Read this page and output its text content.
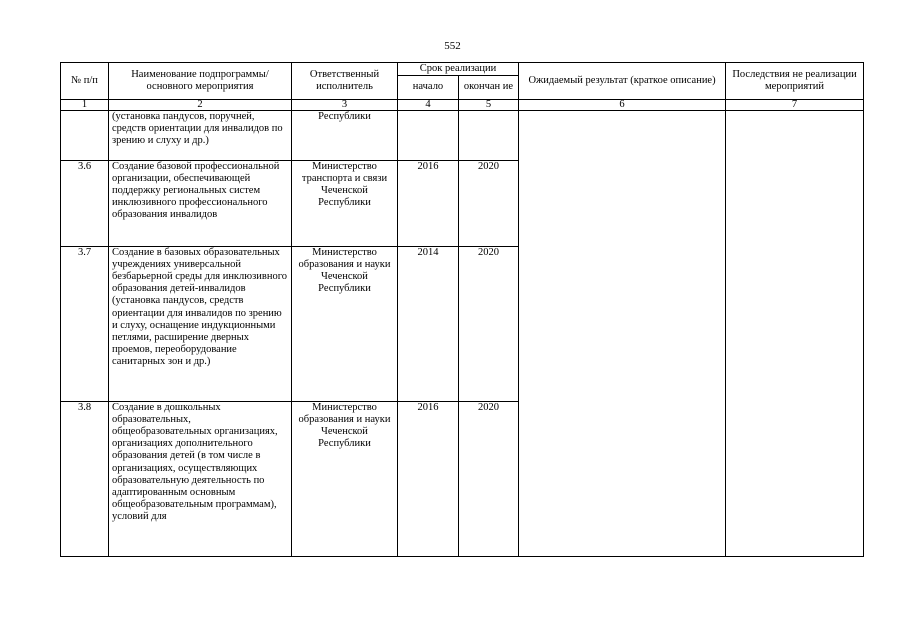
552
№ п/п	Наименование подпрограммы/ основного мероприятия	Ответственный исполнитель	Срок реализации		Ожидаемый результат (краткое описание)	Последствия не реализации мероприятий
			начало	окончан ие		
1	2	3	4	5	6	7
	(установка пандусов, поручней, средств ориентации для инвалидов по зрению и слуху и др.)	Республики				
3.6	Создание базовой профессиональной организации, обеспечивающей поддержку региональных систем инклюзивного профессионального образования инвалидов	Министерство транспорта и связи Чеченской Республики	2016	2020		
3.7	Создание в базовых образовательных учреждениях универсальной безбарьерной среды для инклюзивного образования детей-инвалидов (установка пандусов, средств ориентации для инвалидов по зрению и слуху, оснащение индукционными петлями, расширение дверных проемов, переоборудование санитарных зон и др.)	Министерство образования и науки Чеченской Республики	2014	2020		
3.8	Создание в дошкольных образовательных, общеобразовательных организациях, организациях дополнительного образования детей (в том числе в организациях, осуществляющих образовательную деятельность по адаптированным основным общеобразовательным программам), условий для	Министерство образования и науки Чеченской Республики	2016	2020		
